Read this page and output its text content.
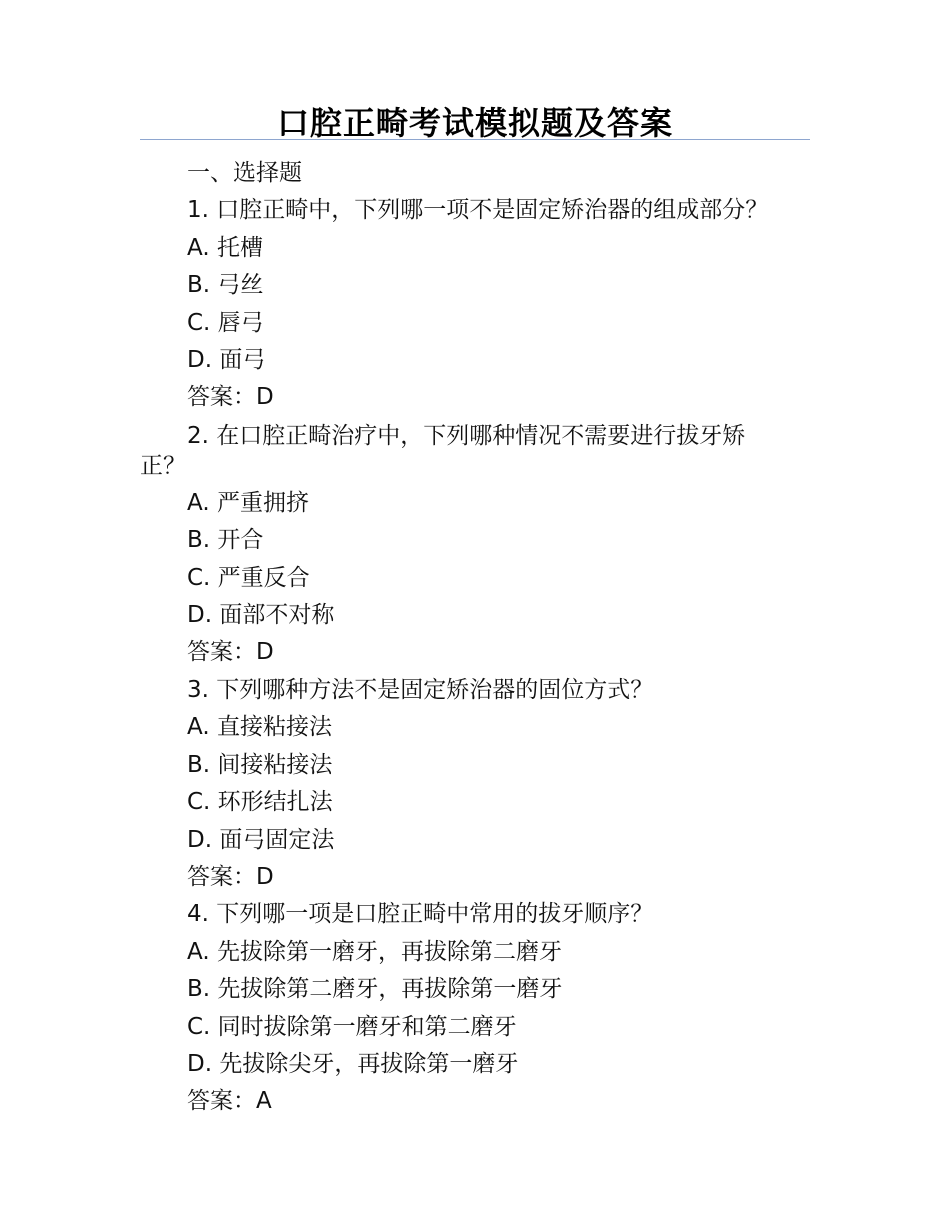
口腔正畸考试模拟题及答案

一、选择题

1. 口腔正畸中，下列哪一项不是固定矫治器的组成部分？

A. 托槽

B. 弓丝

C. 唇弓

D. 面弓

答案：D

2. 在口腔正畸治疗中，下列哪种情况不需要进行拔牙矫正？

A. 严重拥挤

B. 开合

C. 严重反合

D. 面部不对称

答案：D

3. 下列哪种方法不是固定矫治器的固位方式？

A. 直接粘接法

B. 间接粘接法

C. 环形结扎法

D. 面弓固定法

答案：D

4. 下列哪一项是口腔正畸中常用的拔牙顺序？

A. 先拔除第一磨牙，再拔除第二磨牙

B. 先拔除第二磨牙，再拔除第一磨牙

C. 同时拔除第一磨牙和第二磨牙

D. 先拔除尖牙，再拔除第一磨牙

答案：A
